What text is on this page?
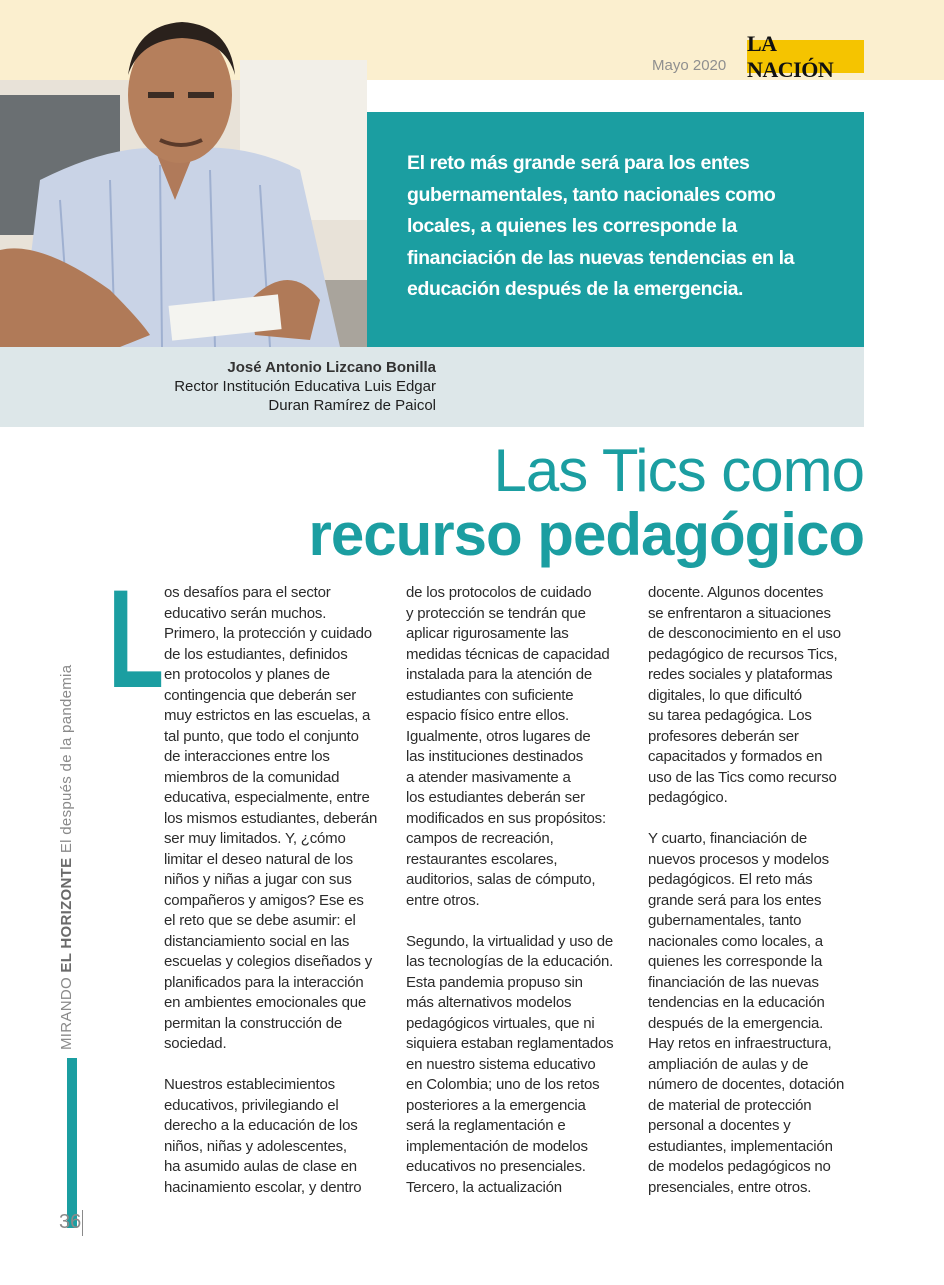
Mayo 2020
LA NACIÓN
El reto más grande será para los entes gubernamentales, tanto nacionales como locales, a quienes les corresponde la financiación de las nuevas tendencias en la educación después de la emergencia.
José Antonio Lizcano Bonilla
Rector Institución Educativa Luis Edgar
Duran Ramírez de Paicol
Las Tics como
recurso pedagógico
MIRANDO EL HORIZONTE El después de la pandemia
36
L os desafíos para el sector
educativo serán muchos.
Primero, la protección y cuidado
de los estudiantes, definidos
en protocolos y planes de
contingencia que deberán ser
muy estrictos en las escuelas, a
tal punto, que todo el conjunto
de interacciones entre los
miembros de la comunidad
educativa, especialmente, entre
los mismos estudiantes, deberán
ser muy limitados. Y, ¿cómo
limitar el deseo natural de los
niños y niñas a jugar con sus
compañeros y amigos? Ese es
el reto que se debe asumir: el
distanciamiento social en las
escuelas y colegios diseñados y
planificados para la interacción
en ambientes emocionales que
permitan la construcción de
sociedad.

Nuestros establecimientos
educativos, privilegiando el
derecho a la educación de los
niños, niñas y adolescentes,
ha asumido aulas de clase en
hacinamiento escolar, y dentro

de los protocolos de cuidado
y protección se tendrán que
aplicar rigurosamente las
medidas técnicas de capacidad
instalada para la atención de
estudiantes con suficiente
espacio físico entre ellos.
Igualmente, otros lugares de
las instituciones destinados
a atender masivamente a
los estudiantes deberán ser
modificados en sus propósitos:
campos de recreación,
restaurantes escolares,
auditorios, salas de cómputo,
entre otros.

Segundo, la virtualidad y uso de
las tecnologías de la educación.
Esta pandemia propuso sin
más alternativos modelos
pedagógicos virtuales, que ni
siquiera estaban reglamentados
en nuestro sistema educativo
en Colombia; uno de los retos
posteriores a la emergencia
será la reglamentación e
implementación de modelos
educativos no presenciales.
Tercero, la actualización

docente. Algunos docentes
se enfrentaron a situaciones
de desconocimiento en el uso
pedagógico de recursos Tics,
redes sociales y plataformas
digitales, lo que dificultó
su tarea pedagógica. Los
profesores deberán ser
capacitados y formados en
uso de las Tics como recurso
pedagógico.

Y cuarto, financiación de
nuevos procesos y modelos
pedagógicos. El reto más
grande será para los entes
gubernamentales, tanto
nacionales como locales, a
quienes les corresponde la
financiación de las nuevas
tendencias en la educación
después de la emergencia.
Hay retos en infraestructura,
ampliación de aulas y de
número de docentes, dotación
de material de protección
personal a docentes y
estudiantes, implementación
de modelos pedagógicos no
presenciales, entre otros.
